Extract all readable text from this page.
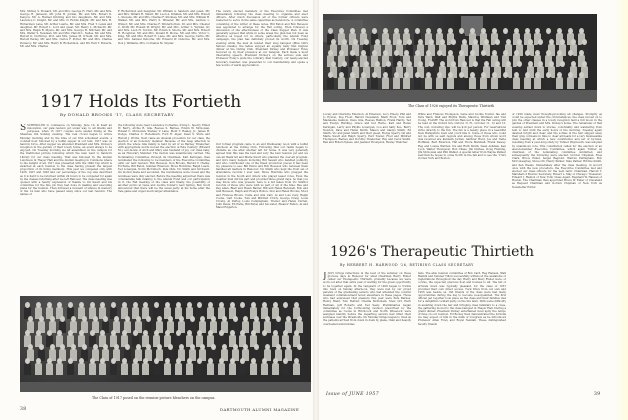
Mrs. McKay S. Howard, Mr. and Mrs. George H. Hurt, Mr. and Mrs. George H. Jameson, Mr. John H. Jordan, Mr. and Mrs. Robert D. Kenyon, Mr. A. Harned Kitching and two daughters, Mr. and Mrs. Laurence C. Knight, Mr. and Mrs. N. Hobbs Knight, Mr. and Mrs. H. Richardson Lane, Mr. Arthur Laurie, Mr. and Mrs. Fred T. Lewis and daughter, Mr. Robert L. Lord and guest, Mr. Henry L. McDevitt, Mr. and Mrs. Ralph B. Myers, Mr. and Mrs. George H. Mitchell, Mr. and Mrs. Walter S. Newman, Mr. and Mrs. Harold L. Nelles, Mr. and Mrs. Harold D. Northrup, Prof. and Mrs. James M. O'Neill, Mr. and Mrs. Harold Perley, Mr. and Mrs. Carlos F. Porter, Mr. and Mrs. Charles Pomeroy, Mr. and Mrs. Harry B. Richardson, and Mr. Earl T. Roberts, Mr. and Mrs. Charles
F. Richardson and daughter, Mr. William A. Sanborn and guest, Mr. and Mrs. Willard H. Smart, Mr. Leon A. Strahan, Mr. and Mrs. Robert L. Stevens, Mr. and Mrs. Charles F. Stickney, Mr. and Mrs. William H. Walker, Mr. and Mrs. Harry S. Wheeler, Mr. and Mrs. Andrew L. Winsor, Mr. and Mrs. Charles F. Winterbottom, Dr. and Mrs. Chester C. Wolff, Mr. Ronald W. Wright, Mr. and Mrs. Arthur L. Wyman, Dr. and Mrs. Leon H. Norton, Mr. Edwin S. Moore, Mr. and Mrs. Robert H. Houghton, Mr. and Mrs. Donald B. Morse, Mr. and Mrs. Victor L. King, Mr. and Mrs. Robert E. Lane, Mr. and Mrs. George Curtis, Mr. and Mrs. Samuel Osborne, Mr. Edward W. Osborne, Mr. and Mrs. Don J. Williams, Mrs. Cornelius M. Snyder.
The newly elected members of the Executive Committee met immediately following the class meeting to organize and elect officers. After much discussion all of the former officers were reelected to serve in the same capacities as heretofore. A committee consisting of the writer of these notes, Bill Eaton and Bob Beveson was appointed to arrange for the Fall outing. Then followed a discussion of the effectiveness of the Class Supper Plan. It was generally agreed that while in some areas the plan has not been as effective as hoped for in others, particularly the Alumni Fund campaign, the plan has definitely proved its worth. On Tuesday evening while the men at tended their stag banquet (Miss Gill's famous steaks), the ladies enjoyed an equally tasty filet mignon dinner at the Outing Club. President Dickey and Professor Foley honored us by their presence at our banquet. Each made a most interesting speech, President Dickey's on the serious side and Professor Foley's quite the contrary. Past Century, our newly-elected honorary member, was presented to our membership and spoke a few words of warm appreciation.
1917 Holds Its Fortieth
By DONALD BROOKS '17, CLASS SECRETARY
SSCHEDULED to commence on Monday, June 10, in itself an innovation, our gala reunion got under way, to all intents and purposes, when 15 1917 couples were seated dining at the Shawnee Inn Sunday evening. The real crowd began to arrive Monday morning and by the time of our first scheduled events, a cocktail hour followed by a buffet supper in our tent, 1917 was on hand in force. After supper we attended President and Mrs. Dickey's reception in the garden of their lovely home, an event always to be enjoyed. On Tuesday morning we all assembled on the campus for the traditional picture following which the men went to Sanborn Library for our class meeting. That was followed by the Alumni Luncheon in Thayer Hall and the Alumni meeting in Commons where to the delight of all, 1917 was presented with the 1899 Cup which is awarded at each reunion to the class having present the largest proportion of its living members. This year we competed only with 1926, 1927 and 1928 and our percentage of the cup was described as it is hard to be returned within 24 hours to be competed for again by the classes returning after we left Hanover. The class meeting was opened with a hearty expression of thanks to Gil Swett and his committee for the fine job they had done in making and executing plans for the reunion. Then followed a moment of silence in memory of the 14 men who have passed away since our last reunion. The names of
the following were read: Lawrence Cornelius, Irving L. Sperry, Elmer W. Berry, Archie B. Gile, Reeves S. Barnes, Edwin W. McGowan, Roland C. McGowan, Stanley V. Lane, Mont T. Healey, Jr., James H. Dodge, Charles C. Rodenbach, Ford R. Alger, Dean S. Shire and Harold J. Works. Next came an unusual procedure for our class, the election of an honorary member. Because of the deep affection in which the whole Gile family is held by all of us Barney Thielscher, with appropriate words moved the election of Pete Century (Edward M.), son-in-law of Arch and Mary and husband of Joy, our class baby, as an Honorary Member. The motion was unanimously carried. The Nominating Committee through its Chairman, Karl Kernigan, then nominated the following to be members of the Executive Committee until our next reunion: Bob Beveson, Don Brooks, Harold V. Clarke, Ed Earle, Bill Eaton, Sumner Emerson, Moxe Hutchins, Ralph Leach, Ted Lonergan, Norm McCulloch, Pete Olds, Vic Smith and Gil Swett. On motion made and seconded, the nominations were closed and the nominees were duly elected. Before the meeting adjourned there was considerable talk relating to the Alumni Fund and our participation in it, the Fall meeting of the class and finally, the possibility of another picnic at Gene and Lucille Towler's next Spring. Bob Scott announced that there will be the usual party at his home after the Yale game and urged much larger attendance.
Our formal program came to an end Wednesday noon with a buffet luncheon at the Outing Club. Following that our ranks began to dwindle as one after another left for home. It was very generally agreed that this was the best and very the best reunion yet and we can all thank Gil and Marie Swett who planned the over-all program, and Gil's many helpers including Bill Sewall who handled publicity and who contributed one of the finest promotion pieces it has been my pleasure to see; Bill Eaton and Bob Beveson who between them handled all matters in Hanover; Vic Smith who kept the front set of attendance records I ever saw; Moxe Hutchins who plugged the reunion in the South and others who played lesser roles. Even the weather man did his part and provided three grand days. So that you may know who was present, here is a list taken from Vic Smith's records of those who were with us part or all of the time: Bee and Peg Allen, Blair and Helen Baxter, Bill and Helen Barewell, Bob and Gail Beveson, Ralph and Evelyn Bolton, Don and Helen Brooks, Moot and Frances Brown, Carle and Ann Carr, Al and Lois Cary, Ralph Cooke, Carl Cooke, Tom and Mildred Crotty, George Craig, Louis Crosby, Al DuPuy, Louis Cunningham, Tremor and Helen Curran, John Davis, Ed Earle, Bill Eaton and his sister, Eleanor Fallon, Al and Maud Edgerton,
The Class of 1917 posed on the reunion-picture bleachers on the campus.
38	DARTMOUTH ALUMNI MAGAZINE
The Class of 1926 enjoyed its Therapeutic Thirtieth
Lovely and Charlotte Emerson, Al Emerson, Lucy Emery, Phil and Jo Eyston, Peg Frost, Harold Cleveland, Mark Frost, Tom and Madeleine Gannon, Dave Gile, Reeves Hallion, Frank Hardy, Ted and Evelyn Harding, Grace and Dot Harte, Karl and Helen Kernigan, Larry and Phyllis Lonergan, Lou and Sally Kos, Berry Newton, Dave and Helen Smith, Mason and Gladys Smith, Ed Smith, Vic and Janet Smith and their guest, Rodge Sperry, Gil and Marie Swett and Ralph Sperry, Earl Towler, Fred and Mildred Thompson, Barney and Dorothy Thielscher, Ray and Carol Smith, Ben and Ethel Ulysses, and Jeannet Thompson, Rexley Thatcher.
Willie and Frances Thompson, Gene and Lucille Towler, Ike and Vera Ward, Walt and Phyllis Wells, Maurice Whitman and Tom Young. FLASH! The word from Hanover is that the Fall outing will be held at the Oxford Inn, Oxford, N. H., October 11, 12 and 13. The cost, including tips, will be $19 per person. For reservations write directly to the Inn. The Inn is a beauty place in a beautiful New Hampshire town and you'll like it. Some of those who could not be with us sent regrets and among those from whom word was received are Kenneth Jordan, Gardner Hunt, Joe and Nette Hoffman, Bert Emerson, Hal and Thora Marshall, Frank Dewey, Reg and Louise Warden, Ira and Ruth Smith, Dean Ashdale, Ken Lyon, Walter Thompson, Bob Chase, Jim Durkee, Doug Fleming, Jim McGowan and Phil Walker. A special letter from Wayne Palmer said that he hopes to come North in the fall and to see the '17ers in New York and Boston.
of 1926 made most thought-provoking all changes. Promptly as could be expected under the circumstances, the class moved on to join the other classes in a lovely reception held a full moon in the garden of President and Mrs. Dickey's home. The remainder of that evening settled down to stories, conviviality and wandering from tent to tent until the early hours of the morning. Tuesday again dawned bright and clear, and the softies in the tent slipped away their gray cobwebs in time to clear all heads for a very businesslike class meeting at which a new constitution and set of by-laws, resulting from a year-long study by Tubber Weymouth, was adopted by unanimous vote. This constitution called for the election of an eleven-member Executive Committee, which again Tubber as chairman of the nominating committee submitted, and subsequently the following were elected: Gordon Chipman, Ross Clark, Bruce Esker, Seigel Bagnold, Warren Pellingham, Bob McConaughey, Steve Ott, Henry Parker, Nate Parker, Ritchie Smith, and Ken Weeks. Immediately after the class meeting, in accord once with the new procedure, the Executive Committee met and elected our class officers for the next term: Chairman, Harold T. Marshall of Boston; Secretary, Robert L. May of Chicago; Treasurer, Edward J. Hanlon of New York; Class Agent, Reginald W. Hansen of Boston. The Chairman then appointed Bruce W. Esker of Cleveland as Bequest Chairman and Gordon Chipman of New York as Newsletter Editor.
1926's Therapeutic Thirtieth
By HERBERT H. HARWOOD '26, RETIRING CLASS SECRETARY
JJULY brings reflections in the best of the summer on those glorious days in Hanover for what Chairman Harry Fisher called our Therapeutic Thirtieth, probably because we were worn out after that extra year of waiting for the great opportunity to be together again. At the vanguard of 1926 began to trickle into town on Sunday afternoon, they were met by our proud parents of the graduating seniors who had attended the colorful weekend commencement noted elsewhere in these pages. Those who had expressed that pleasure this year were Pete Barnes, Henry Biehl, Tom Hettler, Charlie McDonald, Stew Orr, Herb Redman, Jeff Roberts and Ted Seely. Preliminaries began immediately for the forthcoming reunion prescribed by the committee as rooms in Hitchcock and North Wheelock were assigned handily before the departing seniors had lifted their suitcases over the thresholds. On Monday things began to liven as the patients arrived from down in dusk by plane, train and heavily overloaded automobiles.
tabs. The able reunion committee of Bob Card, Reg Hansen, Walt Rankin and Sumner Tilton successfully withstood the avalanche of registrations throughout the day. Harry and Mary Fisher were, of course, the expected gracious host and hostess to all. The list of arrivals down was typically pleasant, for the class of 1957 provided their own direct access. Tuck Drive from out own and 1956 was beside us. Old friends of the class were had many opportunities during the day to become re-acquainted. The first official get together took place as the class and their families met for a delightful cocktail party on the Inn lawn. With some difficulty in assisting down the bar and bringing class familiars to a close, the gathering moved to the class banquet in Thayer Hall. During a grand dinner, President Dickey entertained most aptly the tempo of time on our reunion. Ed Booley then demonstrated the formula we may expect of him in the halls of Congress as he introduced Professor Allen Foley and Royal Nemiah. These distinguished faculty friends
Issue of JUNE 1957	39
